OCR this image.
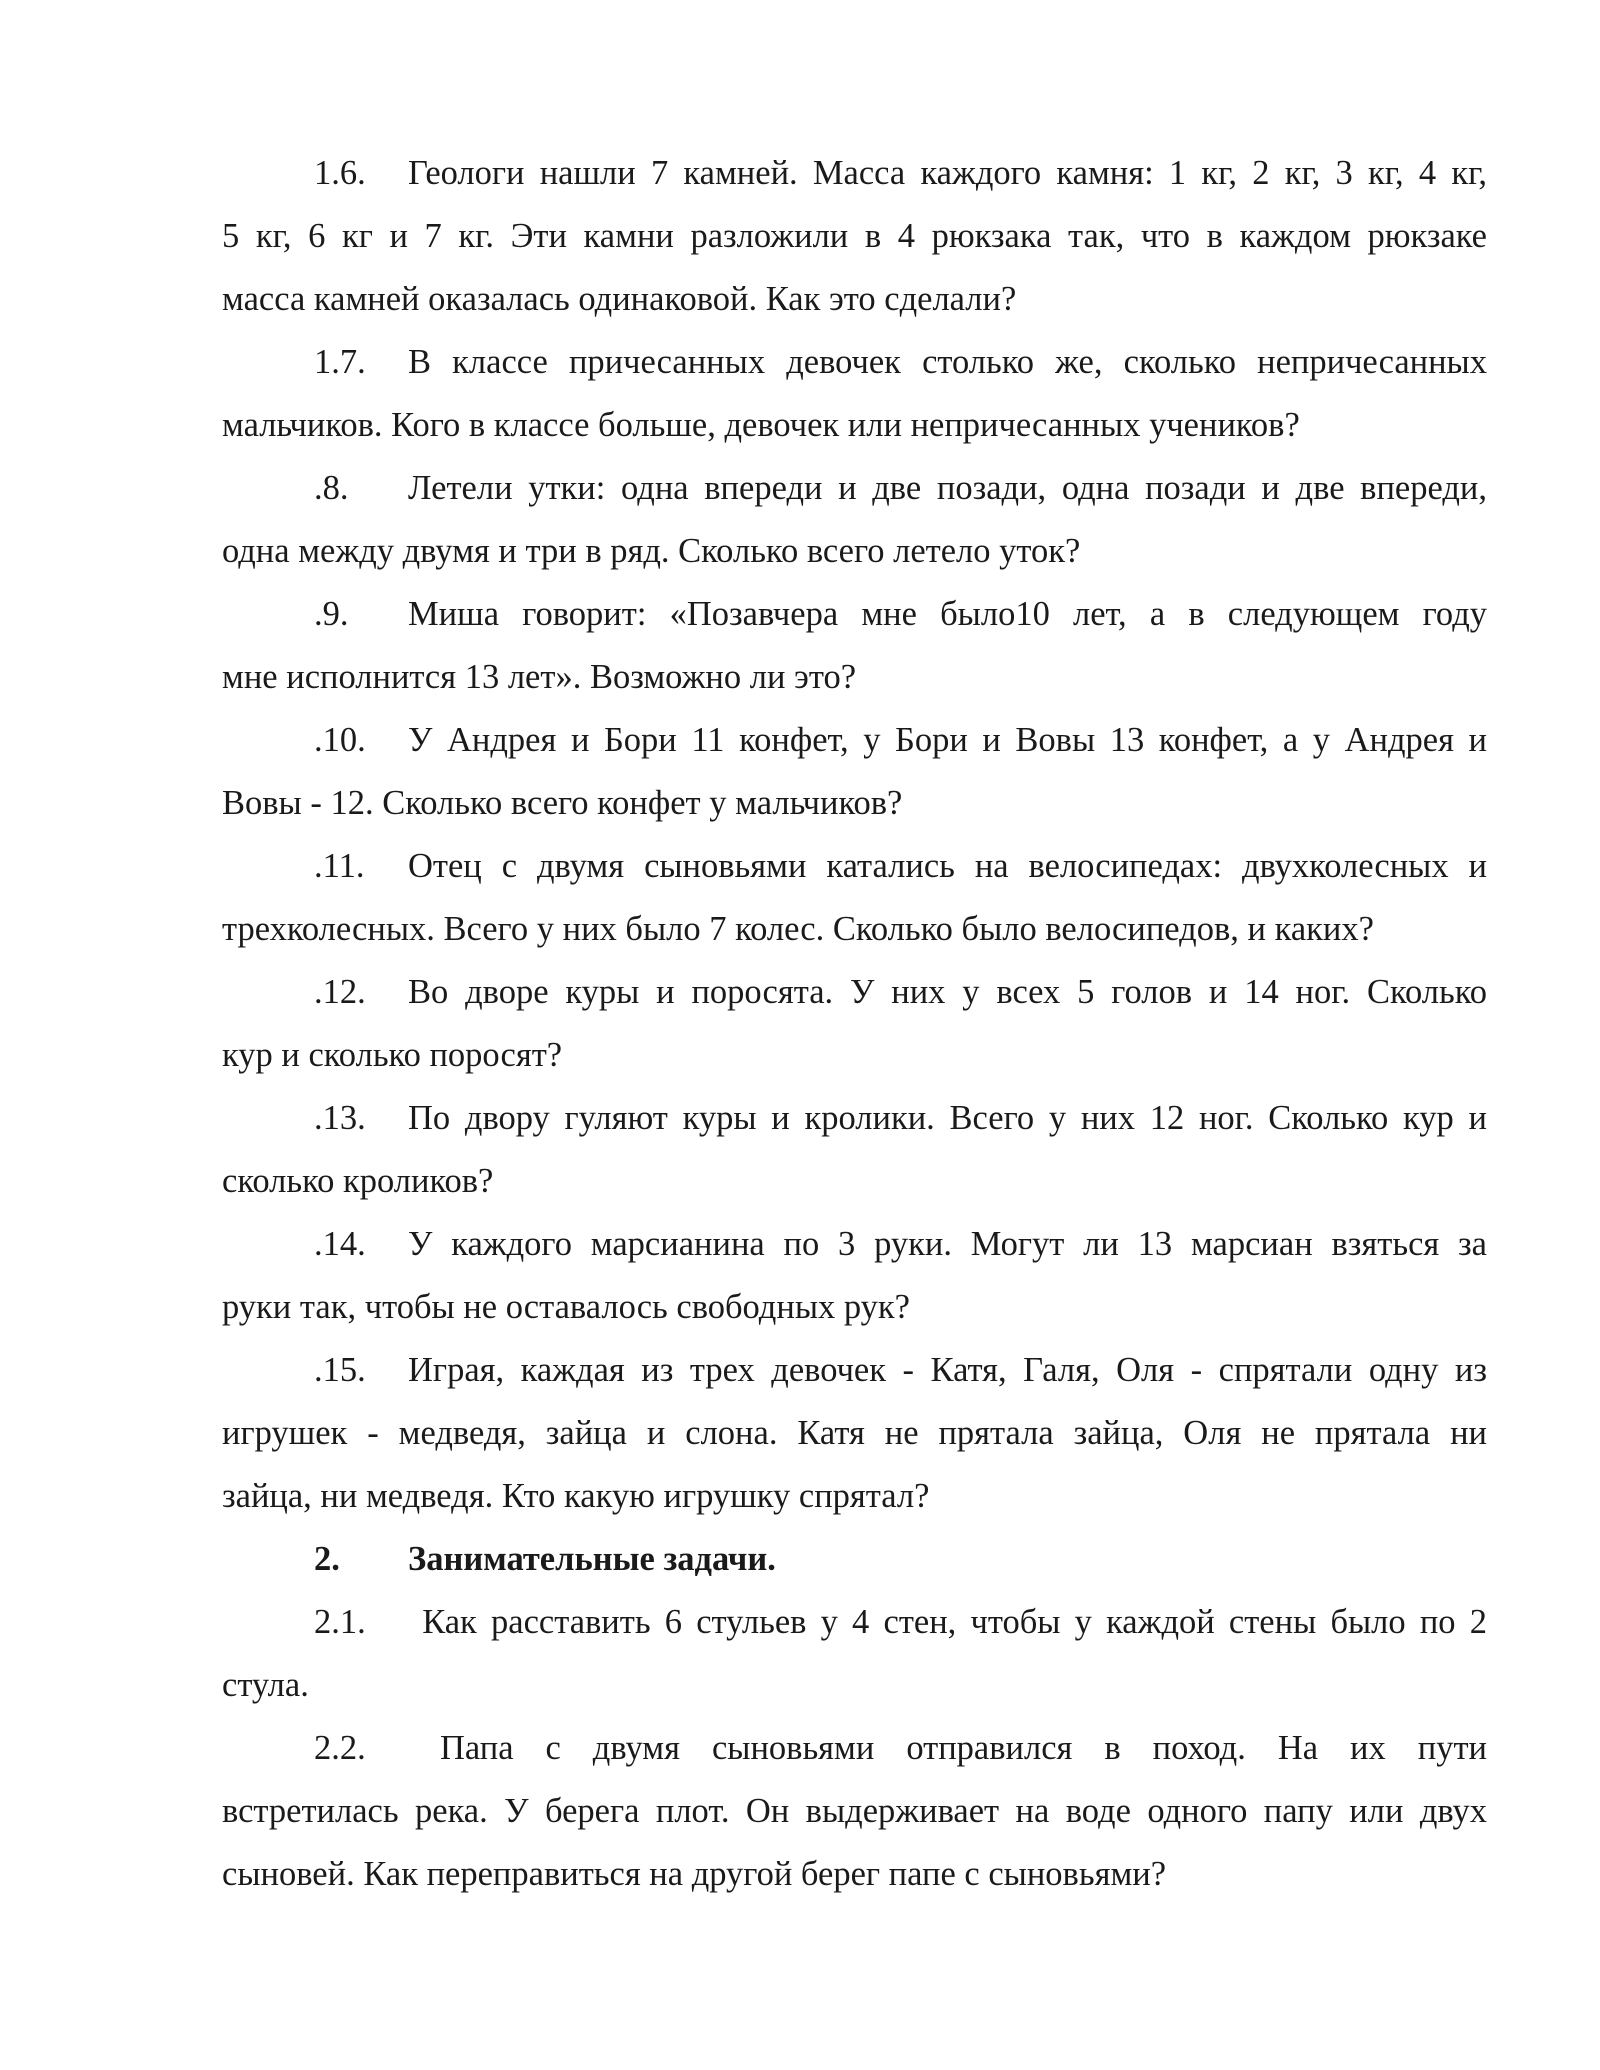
1.6. Геологи нашли 7 камней. Масса каждого камня: 1 кг, 2 кг, 3 кг, 4 кг,
5 кг, 6 кг и 7 кг. Эти камни разложили в 4 рюкзака так, что в каждом рюкзаке
масса камней оказалась одинаковой. Как это сделали?
1.7. В классе причесанных девочек столько же, сколько непричесанных
мальчиков. Кого в классе больше, девочек или непричесанных учеников?
.8. Летели утки: одна впереди и две позади, одна позади и две впереди,
одна между двумя и три в ряд. Сколько всего летело уток?
.9. Миша говорит: «Позавчера мне было10 лет, а в следующем году
мне исполнится 13 лет». Возможно ли это?
.10. У Андрея и Бори 11 конфет, у Бори и Вовы 13 конфет, а у Андрея и
Вовы - 12. Сколько всего конфет у мальчиков?
.11. Отец с двумя сыновьями катались на велосипедах: двухколесных и
трехколесных. Всего у них было 7 колес. Сколько было велосипедов, и каких?
.12. Во дворе куры и поросята. У них у всех 5 голов и 14 ног. Сколько
кур и сколько поросят?
.13. По двору гуляют куры и кролики. Всего у них 12 ног. Сколько кур и
сколько кроликов?
.14. У каждого марсианина по 3 руки. Могут ли 13 марсиан взяться за
руки так, чтобы не оставалось свободных рук?
.15. Играя, каждая из трех девочек - Катя, Галя, Оля - спрятали одну из
игрушек - медведя, зайца и слона. Катя не прятала зайца, Оля не прятала ни
зайца, ни медведя. Кто какую игрушку спрятал?
2. Занимательные задачи.
2.1. Как расставить 6 стульев у 4 стен, чтобы у каждой стены было по 2
стула.
2.2. Папа с двумя сыновьями отправился в поход. На их пути
встретилась река. У берега плот. Он выдерживает на воде одного папу или двух
сыновей. Как переправиться на другой берег папе с сыновьями?
